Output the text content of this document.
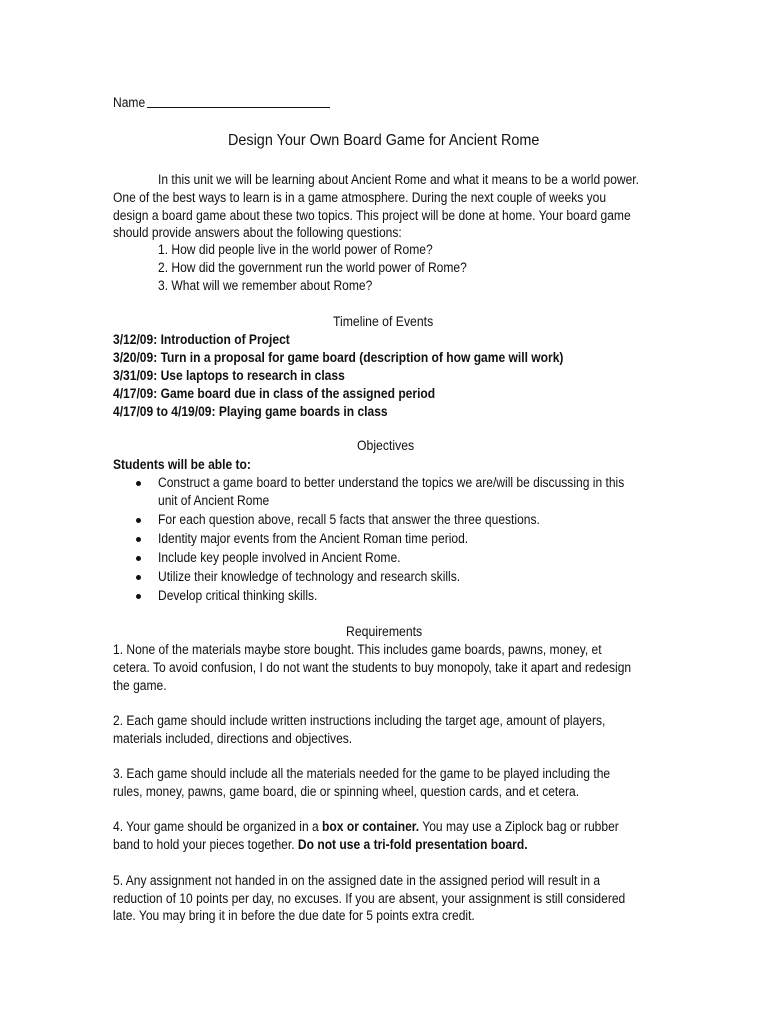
Name
Design Your Own Board Game for Ancient Rome
In this unit we will be learning about Ancient Rome and what it means to be a world power.
One of the best ways to learn is in a game atmosphere. During the next couple of weeks you
design a board game about these two topics. This project will be done at home. Your board game
should provide answers about the following questions:
1. How did people live in the world power of Rome?
2. How did the government run the world power of Rome?
3. What will we remember about Rome?
Timeline of Events
3/12/09: Introduction of Project
3/20/09: Turn in a proposal for game board (description of how game will work)
3/31/09: Use laptops to research in class
4/17/09: Game board due in class of the assigned period
4/17/09 to 4/19/09: Playing game boards in class
Objectives
Students will be able to:
Construct a game board to better understand the topics we are/will be discussing in this
unit of Ancient Rome
For each question above, recall 5 facts that answer the three questions.
Identity major events from the Ancient Roman time period.
Include key people involved in Ancient Rome.
Utilize their knowledge of technology and research skills.
Develop critical thinking skills.
Requirements
1. None of the materials maybe store bought. This includes game boards, pawns, money, et
cetera. To avoid confusion, I do not want the students to buy monopoly, take it apart and redesign
the game.
2. Each game should include written instructions including the target age, amount of players,
materials included, directions and objectives.
3. Each game should include all the materials needed for the game to be played including the
rules, money, pawns, game board, die or spinning wheel, question cards, and et cetera.
4. Your game should be organized in a box or container. You may use a Ziplock bag or rubber
band to hold your pieces together. Do not use a tri-fold presentation board.
5. Any assignment not handed in on the assigned date in the assigned period will result in a
reduction of 10 points per day, no excuses. If you are absent, your assignment is still considered
late. You may bring it in before the due date for 5 points extra credit.
